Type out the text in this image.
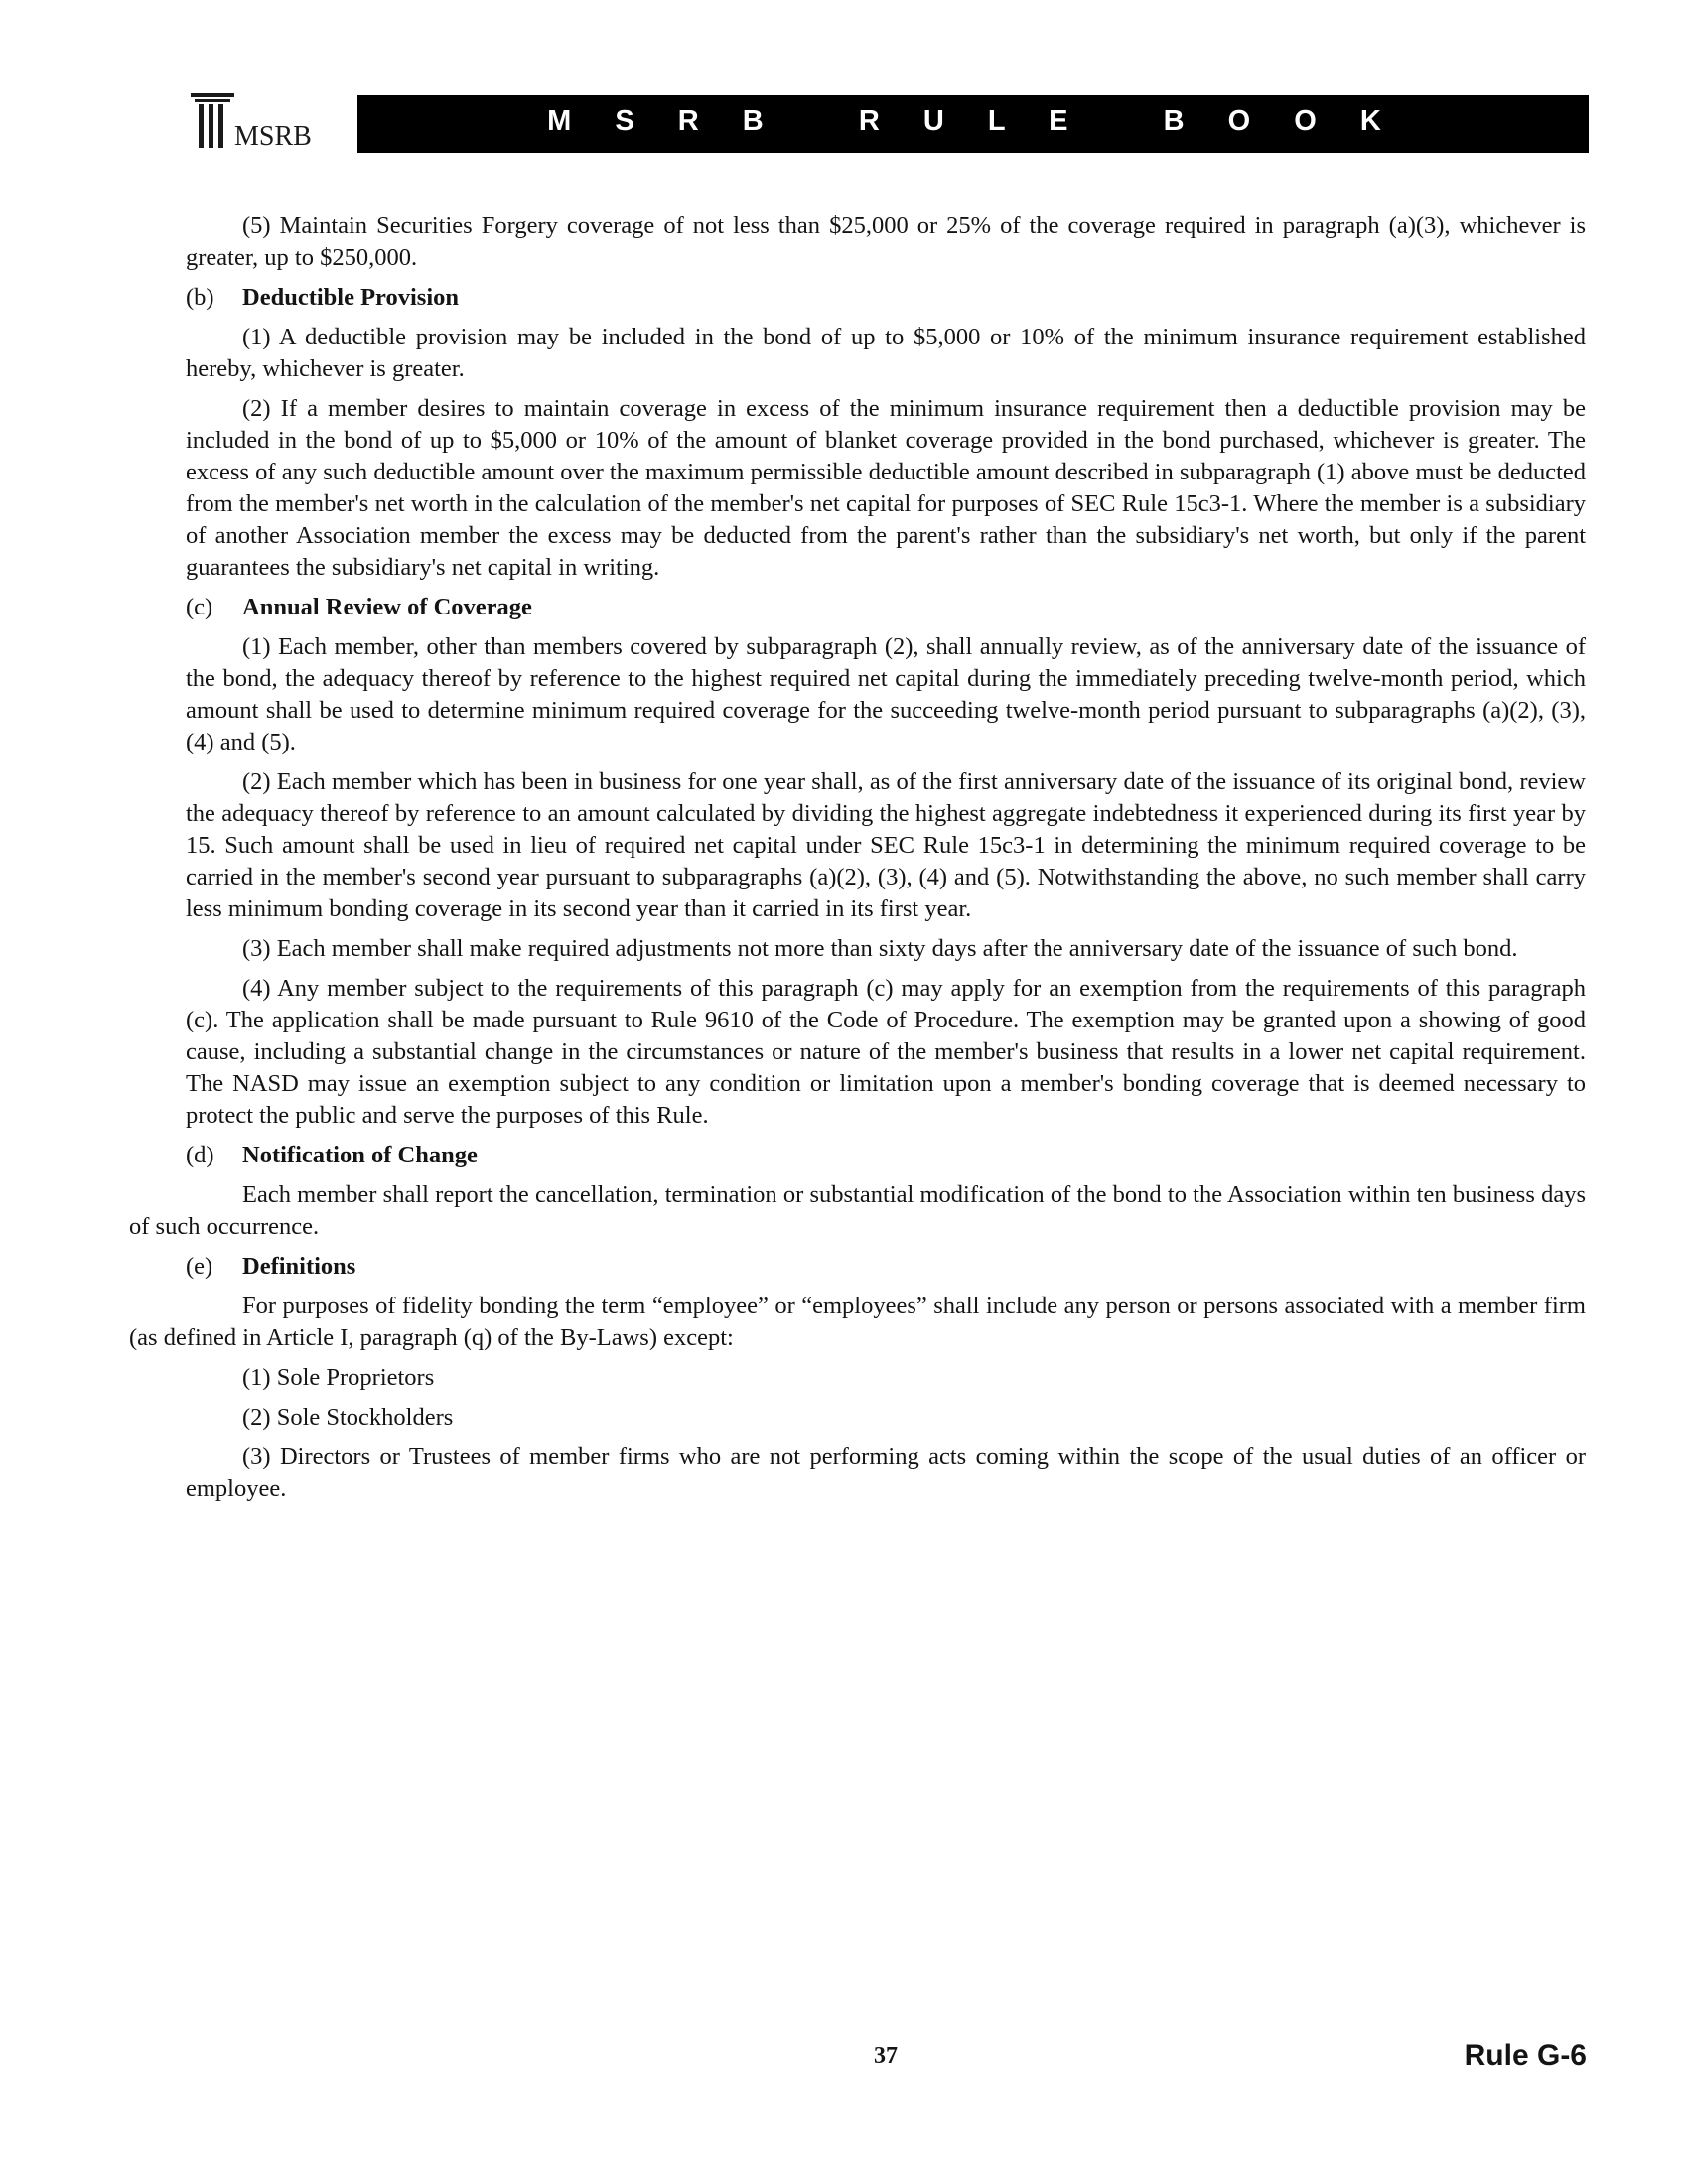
MSRB	M S R B   R U L E   B O O K

(5) Maintain Securities Forgery coverage of not less than $25,000 or 25% of the coverage required in paragraph (a)(3), whichever is greater, up to $250,000.

(b) Deductible Provision

(1) A deductible provision may be included in the bond of up to $5,000 or 10% of the minimum insurance requirement established hereby, whichever is greater.

(2) If a member desires to maintain coverage in excess of the minimum insurance requirement then a deductible provision may be included in the bond of up to $5,000 or 10% of the amount of blanket coverage provided in the bond purchased, whichever is greater. The excess of any such deductible amount over the maximum permissible deductible amount described in subparagraph (1) above must be deducted from the member's net worth in the calculation of the member's net capital for purposes of SEC Rule 15c3-1. Where the member is a subsidiary of another Association member the excess may be deducted from the parent's rather than the subsidiary's net worth, but only if the parent guarantees the subsidiary's net capital in writing.

(c) Annual Review of Coverage

(1) Each member, other than members covered by subparagraph (2), shall annually review, as of the anniversary date of the issuance of the bond, the adequacy thereof by reference to the highest required net capital during the immediately preceding twelve-month period, which amount shall be used to determine minimum required coverage for the succeeding twelve-month period pursuant to subparagraphs (a)(2), (3), (4) and (5).

(2) Each member which has been in business for one year shall, as of the first anniversary date of the issuance of its original bond, review the adequacy thereof by reference to an amount calculated by dividing the highest aggregate indebtedness it experienced during its first year by 15. Such amount shall be used in lieu of required net capital under SEC Rule 15c3-1 in determining the minimum required coverage to be carried in the member's second year pursuant to subparagraphs (a)(2), (3), (4) and (5). Notwithstanding the above, no such member shall carry less minimum bonding coverage in its second year than it carried in its first year.

(3) Each member shall make required adjustments not more than sixty days after the anniversary date of the issuance of such bond.

(4) Any member subject to the requirements of this paragraph (c) may apply for an exemption from the requirements of this paragraph (c). The application shall be made pursuant to Rule 9610 of the Code of Procedure. The exemption may be granted upon a showing of good cause, including a substantial change in the circumstances or nature of the member's business that results in a lower net capital requirement. The NASD may issue an exemption subject to any condition or limitation upon a member's bonding coverage that is deemed necessary to protect the public and serve the purposes of this Rule.

(d) Notification of Change

Each member shall report the cancellation, termination or substantial modification of the bond to the Association within ten business days of such occurrence.

(e) Definitions

For purposes of fidelity bonding the term “employee” or “employees” shall include any person or persons associated with a member firm (as defined in Article I, paragraph (q) of the By-Laws) except:

(1) Sole Proprietors

(2) Sole Stockholders

(3) Directors or Trustees of member firms who are not performing acts coming within the scope of the usual duties of an officer or employee.

37	Rule G-6
